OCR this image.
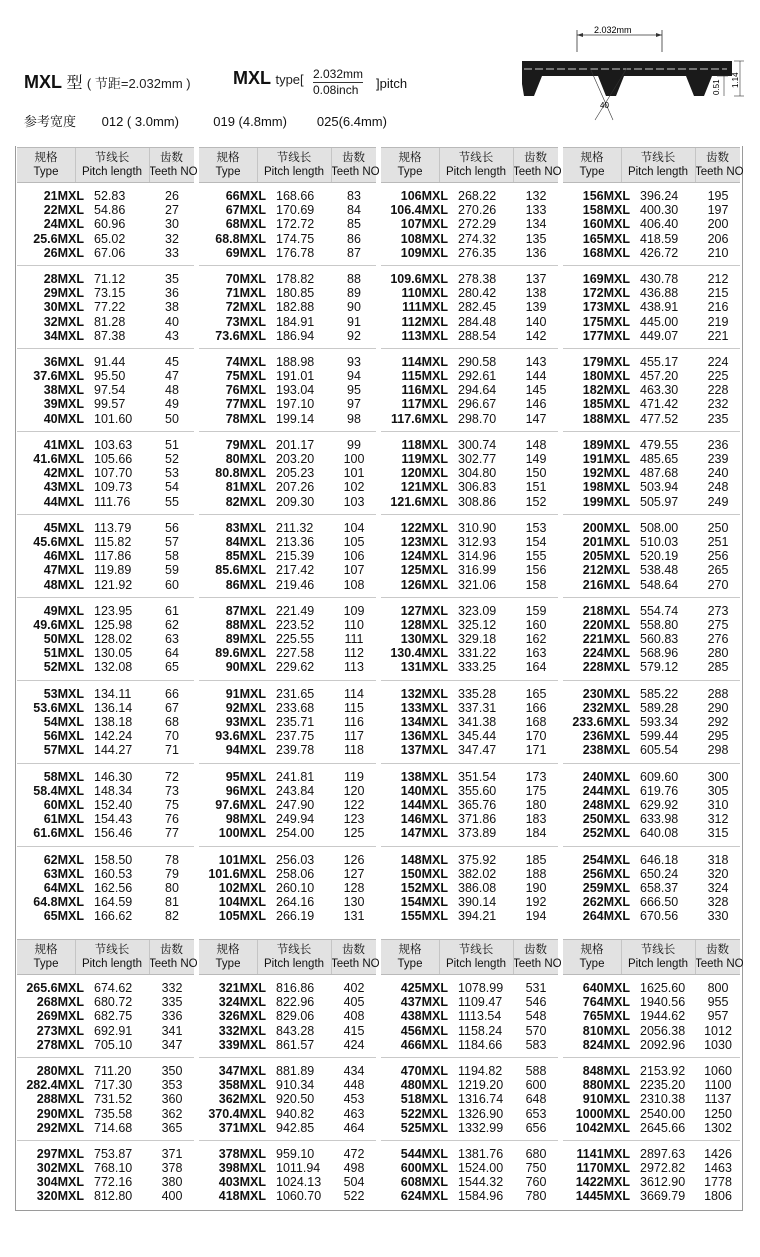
MXL 型 ( 节距=2.032mm ) MXL type[ 2.032mm
0.08inch	]pitch
参考宽度 012 ( 3.0mm)	019 (4.8mm) 025(6.4mm)
2.032mm
40
0.51 1.14
规格
Type
节线长
Pitch length
齿数
Teeth NO
21MXL 52.83	26
22MXL 54.86	27
24MXL 60.96	30
25.6MXL 65.02	32
26MXL 67.06	33
28MXL 71.12	35
29MXL 73.15	36
30MXL 77.22	38
32MXL 81.28	40
34MXL 87.38	43
36MXL 91.44	45
37.6MXL 95.50	47
38MXL 97.54	48
39MXL 99.57	49
40MXL 101.60	50
41MXL 103.63	51
41.6MXL 105.66	52
42MXL 107.70	53
43MXL 109.73	54
44MXL 111.76	55
45MXL 113.79	56
45.6MXL 115.82	57
46MXL 117.86	58
47MXL 119.89	59
48MXL 121.92	60
49MXL 123.95	61
49.6MXL 125.98	62
50MXL 128.02	63
51MXL 130.05	64
52MXL 132.08	65
53MXL 134.11	66
53.6MXL 136.14	67
54MXL 138.18	68
56MXL 142.24	70
57MXL 144.27	71
58MXL 146.30	72
58.4MXL 148.34	73
60MXL 152.40	75
61MXL 154.43	76
61.6MXL 156.46	77
62MXL 158.50	78
63MXL 160.53	79
64MXL 162.56	80
64.8MXL 164.59	81
65MXL 166.62	82
规格
Type
节线长
Pitch length
齿数
Teeth NO
66MXL 168.66	83
67MXL 170.69	84
68MXL 172.72	85
68.8MXL 174.75	86
69MXL 176.78	87
70MXL 178.82	88
71MXL 180.85	89
72MXL 182.88	90
73MXL 184.91	91
73.6MXL 186.94	92
74MXL 188.98	93
75MXL 191.01	94
76MXL 193.04	95
77MXL 197.10	97
78MXL 199.14	98
79MXL 201.17	99
80MXL 203.20	100
80.8MXL 205.23	101
81MXL 207.26	102
82MXL 209.30	103
83MXL 211.32	104
84MXL 213.36	105
85MXL 215.39	106
85.6MXL 217.42	107
86MXL 219.46	108
87MXL 221.49	109
88MXL 223.52	110
89MXL 225.55	111
89.6MXL 227.58	112
90MXL 229.62	113
91MXL 231.65	114
92MXL 233.68	115
93MXL 235.71	116
93.6MXL 237.75	117
94MXL 239.78	118
95MXL 241.81	119
96MXL 243.84	120
97.6MXL 247.90	122
98MXL 249.94	123
100MXL 254.00	125
101MXL 256.03	126
101.6MXL 258.06	127
102MXL 260.10	128
104MXL 264.16	130
105MXL 266.19	131
规格
Type
节线长
Pitch length
齿数
Teeth NO
106MXL 268.22	132
106.4MXL 270.26	133
107MXL 272.29	134
108MXL 274.32	135
109MXL 276.35	136
109.6MXL 278.38	137
110MXL 280.42	138
111MXL 282.45	139
112MXL 284.48	140
113MXL 288.54	142
114MXL 290.58	143
115MXL 292.61	144
116MXL 294.64	145
117MXL 296.67	146
117.6MXL 298.70	147
118MXL 300.74	148
119MXL 302.77	149
120MXL 304.80	150
121MXL 306.83	151
121.6MXL 308.86	152
122MXL 310.90	153
123MXL 312.93	154
124MXL 314.96	155
125MXL 316.99	156
126MXL 321.06	158
127MXL 323.09	159
128MXL 325.12	160
130MXL 329.18	162
130.4MXL 331.22	163
131MXL 333.25	164
132MXL 335.28	165
133MXL 337.31	166
134MXL 341.38	168
136MXL 345.44	170
137MXL 347.47	171
138MXL 351.54	173
140MXL 355.60	175
144MXL 365.76	180
146MXL 371.86	183
147MXL 373.89	184
148MXL 375.92	185
150MXL 382.02	188
152MXL 386.08	190
154MXL 390.14	192
155MXL 394.21	194
规格
Type
节线长
Pitch length
齿数
Teeth NO
156MXL 396.24	195
158MXL 400.30	197
160MXL 406.40	200
165MXL 418.59	206
168MXL 426.72	210
169MXL 430.78	212
172MXL 436.88	215
173MXL 438.91	216
175MXL 445.00	219
177MXL 449.07	221
179MXL 455.17	224
180MXL 457.20	225
182MXL 463.30	228
185MXL 471.42	232
188MXL 477.52	235
189MXL 479.55	236
191MXL 485.65	239
192MXL 487.68	240
198MXL 503.94	248
199MXL 505.97	249
200MXL 508.00	250
201MXL 510.03	251
205MXL 520.19	256
212MXL 538.48	265
216MXL 548.64	270
218MXL 554.74	273
220MXL 558.80	275
221MXL 560.83	276
224MXL 568.96	280
228MXL 579.12	285
230MXL 585.22	288
232MXL 589.28	290
233.6MXL 593.34	292
236MXL 599.44	295
238MXL 605.54	298
240MXL 609.60	300
244MXL 619.76	305
248MXL 629.92	310
250MXL 633.98	312
252MXL 640.08	315
254MXL 646.18	318
256MXL 650.24	320
259MXL 658.37	324
262MXL 666.50	328
264MXL 670.56	330
规格
Type
节线长
Pitch length
齿数
Teeth NO
265.6MXL 674.62	332
268MXL 680.72	335
269MXL 682.75	336
273MXL 692.91	341
278MXL 705.10	347
280MXL 711.20	350
282.4MXL 717.30	353
288MXL 731.52	360
290MXL 735.58	362
292MXL 714.68	365
297MXL 753.87	371
302MXL 768.10	378
304MXL 772.16	380
320MXL 812.80	400
规格
Type
节线长
Pitch length
齿数
Teeth NO
321MXL 816.86	402
324MXL 822.96	405
326MXL 829.06	408
332MXL 843.28	415
339MXL 861.57	424
347MXL 881.89	434
358MXL 910.34	448
362MXL 920.50	453
370.4MXL 940.82	463
371MXL 942.85	464
378MXL 959.10	472
398MXL 1011.94	498
403MXL 1024.13	504
418MXL 1060.70	522
规格
Type
节线长
Pitch length
齿数
Teeth NO
425MXL 1078.99	531
437MXL 1109.47	546
438MXL 1113.54	548
456MXL 1158.24	570
466MXL 1184.66	583
470MXL 1194.82	588
480MXL 1219.20	600
518MXL 1316.74	648
522MXL 1326.90	653
525MXL 1332.99	656
544MXL 1381.76	680
600MXL 1524.00	750
608MXL 1544.32	760
624MXL 1584.96	780
规格
Type
节线长
Pitch length
齿数
Teeth NO
640MXL 1625.60	800
764MXL 1940.56	955
765MXL 1944.62	957
810MXL 2056.38 1012
824MXL 2092.96 1030
848MXL 2153.92 1060
880MXL 2235.20 1100
910MXL 2310.38 1137
1000MXL 2540.00 1250
1042MXL 2645.66 1302
1141MXL 2897.63 1426
1170MXL 2972.82 1463
1422MXL 3612.90 1778
1445MXL 3669.79 1806
